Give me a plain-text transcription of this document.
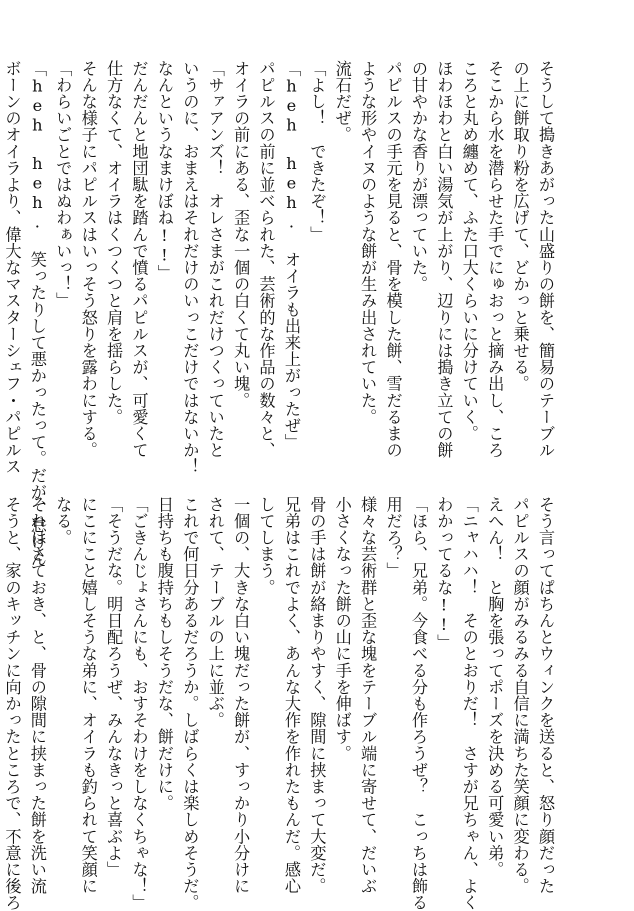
そうして搗きあがった山盛りの餅を、簡易のテーブル
の上に餅取り粉を広げて、どかっと乗せる。
そこから水を潜らせた手でにゅおっと摘み出し、ころ
ころと丸め纏めて、ふた口大くらいに分けていく。
ほわほわと白い湯気が上がり、辺りには搗き立ての餅
の甘やかな香りが漂っていた。
パピルスの手元を見ると、骨を模した餅、雪だるまの
ような形やイヌのような餅が生み出されていた。
流石だぜ。
「よし！　できたぞ！」
「heh heh. オイラも出来上がったぜ」
パピルスの前に並べられた、芸術的な作品の数々と、
オイラの前にある、歪な一個の白くて丸い塊。
「サァアンズ！　オレさまがこれだけつくっていたと
いうのに、おまえはそれだけのいっこだけではないか！
なんというなまけぼね!!」
だんだんと地団駄を踏んで憤るパピルスが、可愛くて
仕方なくて、オイラはくつくつと肩を揺らした。
そんな様子にパピルスはいっそう怒りを露わにする。
「わらいごとではぬわぁいっ！」
「heh heh. 笑ったりして悪かったって。だが、怠けん
ボーンのオイラより、偉大なマスターシェフ・パピルス
そう言ってぱちんとウィンクを送ると、怒り顔だった
パピルスの顔がみるみる自信に満ちた笑顔に変わる。
えへん！　と胸を張ってポーズを決める可愛い弟。
「ニャハハ！　そのとおりだ！　さすが兄ちゃん、よく
わかってるな!!」
「ほら、兄弟。今食べる分も作ろうぜ？　こっちは飾る
用だろ？」
様々な芸術群と歪な塊をテーブル端に寄せて、だいぶ
小さくなった餅の山に手を伸ばす。
骨の手は餅が絡まりやすく、隙間に挟まって大変だ。
兄弟はこれでよく、あんな大作を作れたもんだ。感心
してしまう。
一個の、大きな白い塊だった餅が、すっかり小分けに
されて、テーブルの上に並ぶ。
これで何日分あるだろうか。しばらくは楽しめそうだ。
日持ちも腹持ちもしそうだな、餅だけに。
「ごきんじょさんにも、おすそわけをしなくちゃな！」
「そうだな。明日配ろうぜ、みんなきっと喜ぶよ」
にこにこと嬉しそうな弟に、オイラも釣られて笑顔に
なる。
それはさておき、と、骨の隙間に挟まった餅を洗い流
そうと、家のキッチンに向かったところで、不意に後ろ
